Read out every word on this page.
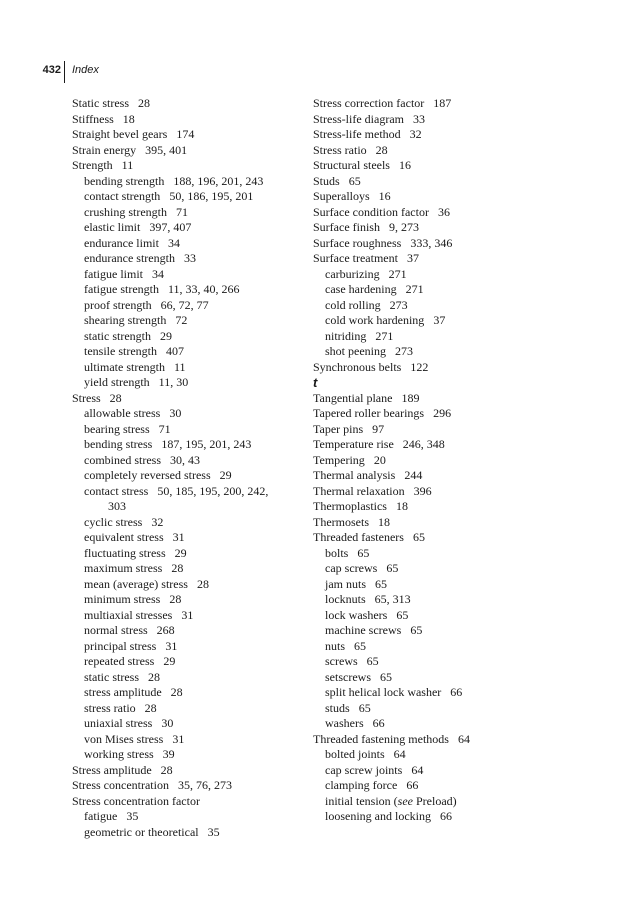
432 Index
Static stress 28
Stiffness 18
Straight bevel gears 174
Strain energy 395, 401
Strength 11
bending strength 188, 196, 201, 243
contact strength 50, 186, 195, 201
crushing strength 71
elastic limit 397, 407
endurance limit 34
endurance strength 33
fatigue limit 34
fatigue strength 11, 33, 40, 266
proof strength 66, 72, 77
shearing strength 72
static strength 29
tensile strength 407
ultimate strength 11
yield strength 11, 30
Stress 28
allowable stress 30
bearing stress 71
bending stress 187, 195, 201, 243
combined stress 30, 43
completely reversed stress 29
contact stress 50, 185, 195, 200, 242,
303
cyclic stress 32
equivalent stress 31
fluctuating stress 29
maximum stress 28
mean (average) stress 28
minimum stress 28
multiaxial stresses 31
normal stress 268
principal stress 31
repeated stress 29
static stress 28
stress amplitude 28
stress ratio 28
uniaxial stress 30
von Mises stress 31
working stress 39
Stress amplitude 28
Stress concentration 35, 76, 273
Stress concentration factor
fatigue 35
geometric or theoretical 35
Stress correction factor 187
Stress-life diagram 33
Stress-life method 32
Stress ratio 28
Structural steels 16
Studs 65
Superalloys 16
Surface condition factor 36
Surface finish 9, 273
Surface roughness 333, 346
Surface treatment 37
carburizing 271
case hardening 271
cold rolling 273
cold work hardening 37
nitriding 271
shot peening 273
Synchronous belts 122
t
Tangential plane 189
Tapered roller bearings 296
Taper pins 97
Temperature rise 246, 348
Tempering 20
Thermal analysis 244
Thermal relaxation 396
Thermoplastics 18
Thermosets 18
Threaded fasteners 65
bolts 65
cap screws 65
jam nuts 65
locknuts 65, 313
lock washers 65
machine screws 65
nuts 65
screws 65
setscrews 65
split helical lock washer 66
studs 65
washers 66
Threaded fastening methods 64
bolted joints 64
cap screw joints 64
clamping force 66
initial tension (see Preload)
loosening and locking 66
